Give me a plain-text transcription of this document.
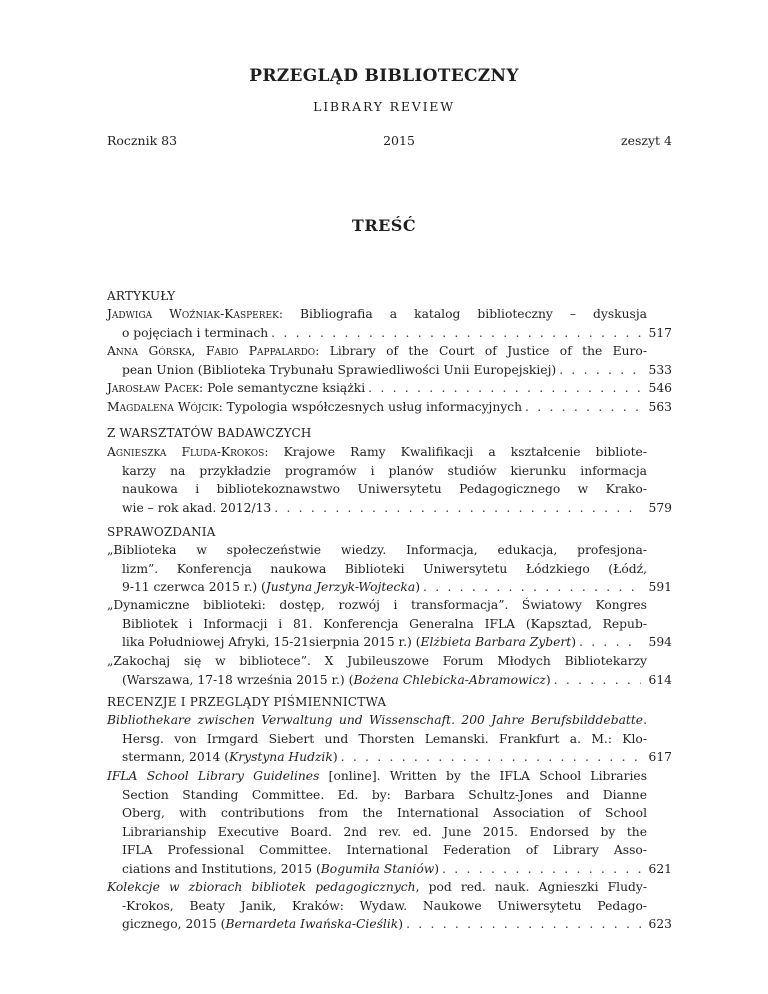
PRZEGLĄD BIBLIOTECZNY
LIBRARY REVIEW
Rocznik 83	2015	zeszyt 4
TREŚĆ
ARTYKUŁY
Jadwiga Woźniak-Kasperek: Bibliografia a katalog biblioteczny – dyskusja
o pojęciach i terminach . . .	517
Anna Górska, Fabio Pappalardo: Library of the Court of Justice of the Euro-
pean Union (Biblioteka Trybunału Sprawiedliwości Unii Europejskiej) . . .	533
Jarosław Pacek: Pole semantyczne książki . . .	546
Magdalena Wójcik: Typologia współczesnych usług informacyjnych . . .	563
Z WARSZTATÓW BADAWCZYCH
Agnieszka Fluda-Krokos: Krajowe Ramy Kwalifikacji a kształcenie bibliote-
karzy na przykładzie programów i planów studiów kierunku informacja
naukowa i bibliotekoznawstwo Uniwersytetu Pedagogicznego w Krako-
wie – rok akad. 2012/13 . . .	579
SPRAWOZDANIA
„Biblioteka w społeczeństwie wiedzy. Informacja, edukacja, profesjona-
lizm”. Konferencja naukowa Biblioteki Uniwersytetu Łódzkiego (Łódź,
9-11 czerwca 2015 r.) (Justyna Jerzyk-Wojtecka) . . .	591
„Dynamiczne biblioteki: dostęp, rozwój i transformacja”. Światowy Kongres
Bibliotek i Informacji i 81. Konferencja Generalna IFLA (Kapsztad, Repub-
lika Południowej Afryki, 15-21sierpnia 2015 r.) (Elżbieta Barbara Zybert) . . .	594
„Zakochaj się w bibliotece”. X Jubileuszowe Forum Młodych Bibliotekarzy
(Warszawa, 17-18 września 2015 r.) (Bożena Chlebicka-Abramowicz) . . .	614
RECENZJE I PRZEGLĄDY PIŚMIENNICTWA
Bibliothekare zwischen Verwaltung und Wissenschaft. 200 Jahre Berufsbilddebatte.
Hersg. von Irmgard Siebert und Thorsten Lemanski. Frankfurt a. M.: Klo-
stermann, 2014 (Krystyna Hudzik) . . .	617
IFLA School Library Guidelines [online]. Written by the IFLA School Libraries
Section Standing Committee. Ed. by: Barbara Schultz-Jones and Dianne
Oberg, with contributions from the International Association of School
Librarianship Executive Board. 2nd rev. ed. June 2015. Endorsed by the
IFLA Professional Committee. International Federation of Library Asso-
ciations and Institutions, 2015 (Bogumiła Staniów) . . .	621
Kolekcje w zbiorach bibliotek pedagogicznych, pod red. nauk. Agnieszki Fludy-
-Krokos, Beaty Janik, Kraków: Wydaw. Naukowe Uniwersytetu Pedago-
gicznego, 2015 (Bernardeta Iwańska-Cieślik) . . .	623
